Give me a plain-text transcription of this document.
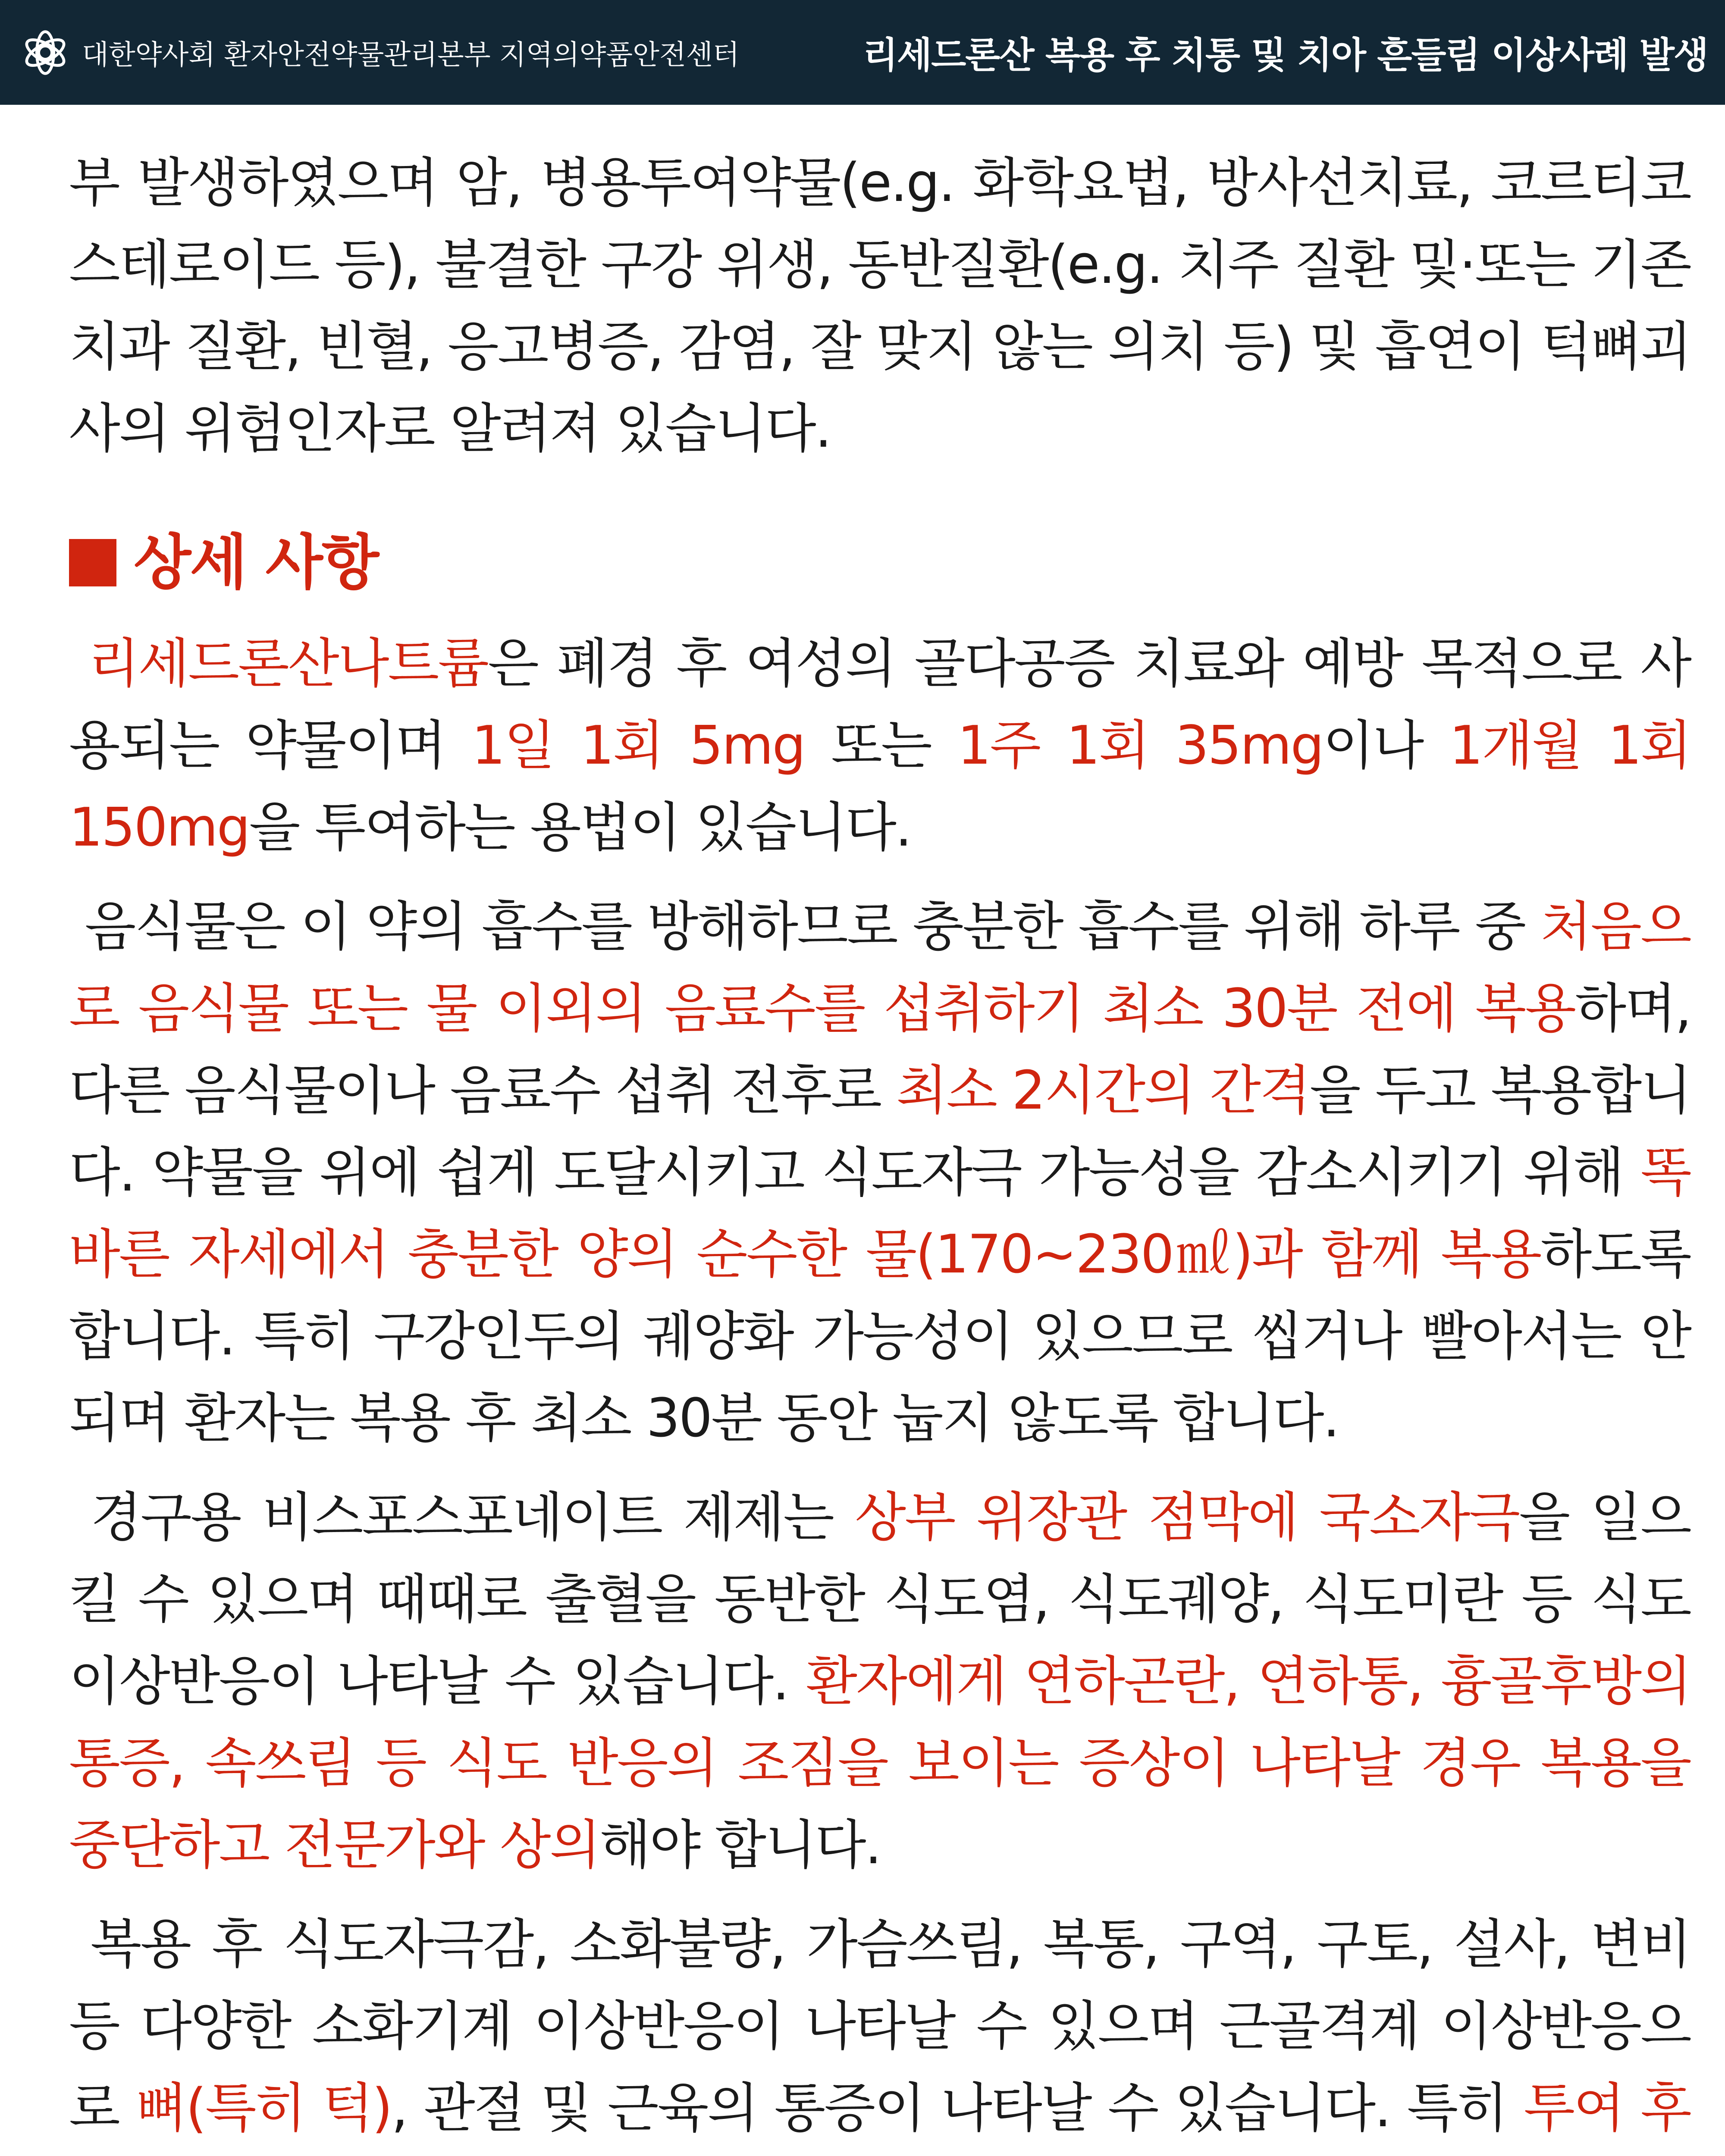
대한약사회 환자안전약물관리본부 지역의약품안전센터	리세드론산 복용 후 치통 및 치아 흔들림 이상사례 발생

부 발생하였으며 암, 병용투여약물(e.g. 화학요법, 방사선치료, 코르티코스테로이드 등), 불결한 구강 위생, 동반질환(e.g. 치주 질환 및·또는 기존 치과 질환, 빈혈, 응고병증, 감염, 잘 맞지 않는 의치 등) 및 흡연이 턱뼈괴사의 위험인자로 알려져 있습니다.

상세 사항

리세드론산나트륨은 폐경 후 여성의 골다공증 치료와 예방 목적으로 사용되는 약물이며 1일 1회 5mg 또는 1주 1회 35mg이나 1개월 1회 150mg을 투여하는 용법이 있습니다.

음식물은 이 약의 흡수를 방해하므로 충분한 흡수를 위해 하루 중 처음으로 음식물 또는 물 이외의 음료수를 섭취하기 최소 30분 전에 복용하며, 다른 음식물이나 음료수 섭취 전후로 최소 2시간의 간격을 두고 복용합니다. 약물을 위에 쉽게 도달시키고 식도자극 가능성을 감소시키기 위해 똑바른 자세에서 충분한 양의 순수한 물(170~230㎖)과 함께 복용하도록 합니다. 특히 구강인두의 궤양화 가능성이 있으므로 씹거나 빨아서는 안되며 환자는 복용 후 최소 30분 동안 눕지 않도록 합니다.

경구용 비스포스포네이트 제제는 상부 위장관 점막에 국소자극을 일으킬 수 있으며 때때로 출혈을 동반한 식도염, 식도궤양, 식도미란 등 식도 이상반응이 나타날 수 있습니다. 환자에게 연하곤란, 연하통, 흉골후방의 통증, 속쓰림 등 식도 반응의 조짐을 보이는 증상이 나타날 경우 복용을 중단하고 전문가와 상의해야 합니다.

복용 후 식도자극감, 소화불량, 가슴쓰림, 복통, 구역, 구토, 설사, 변비 등 다양한 소화기계 이상반응이 나타날 수 있으며 근골격계 이상반응으로 뼈(특히 턱), 관절 및 근육의 통증이 나타날 수 있습니다. 특히 투여 후
